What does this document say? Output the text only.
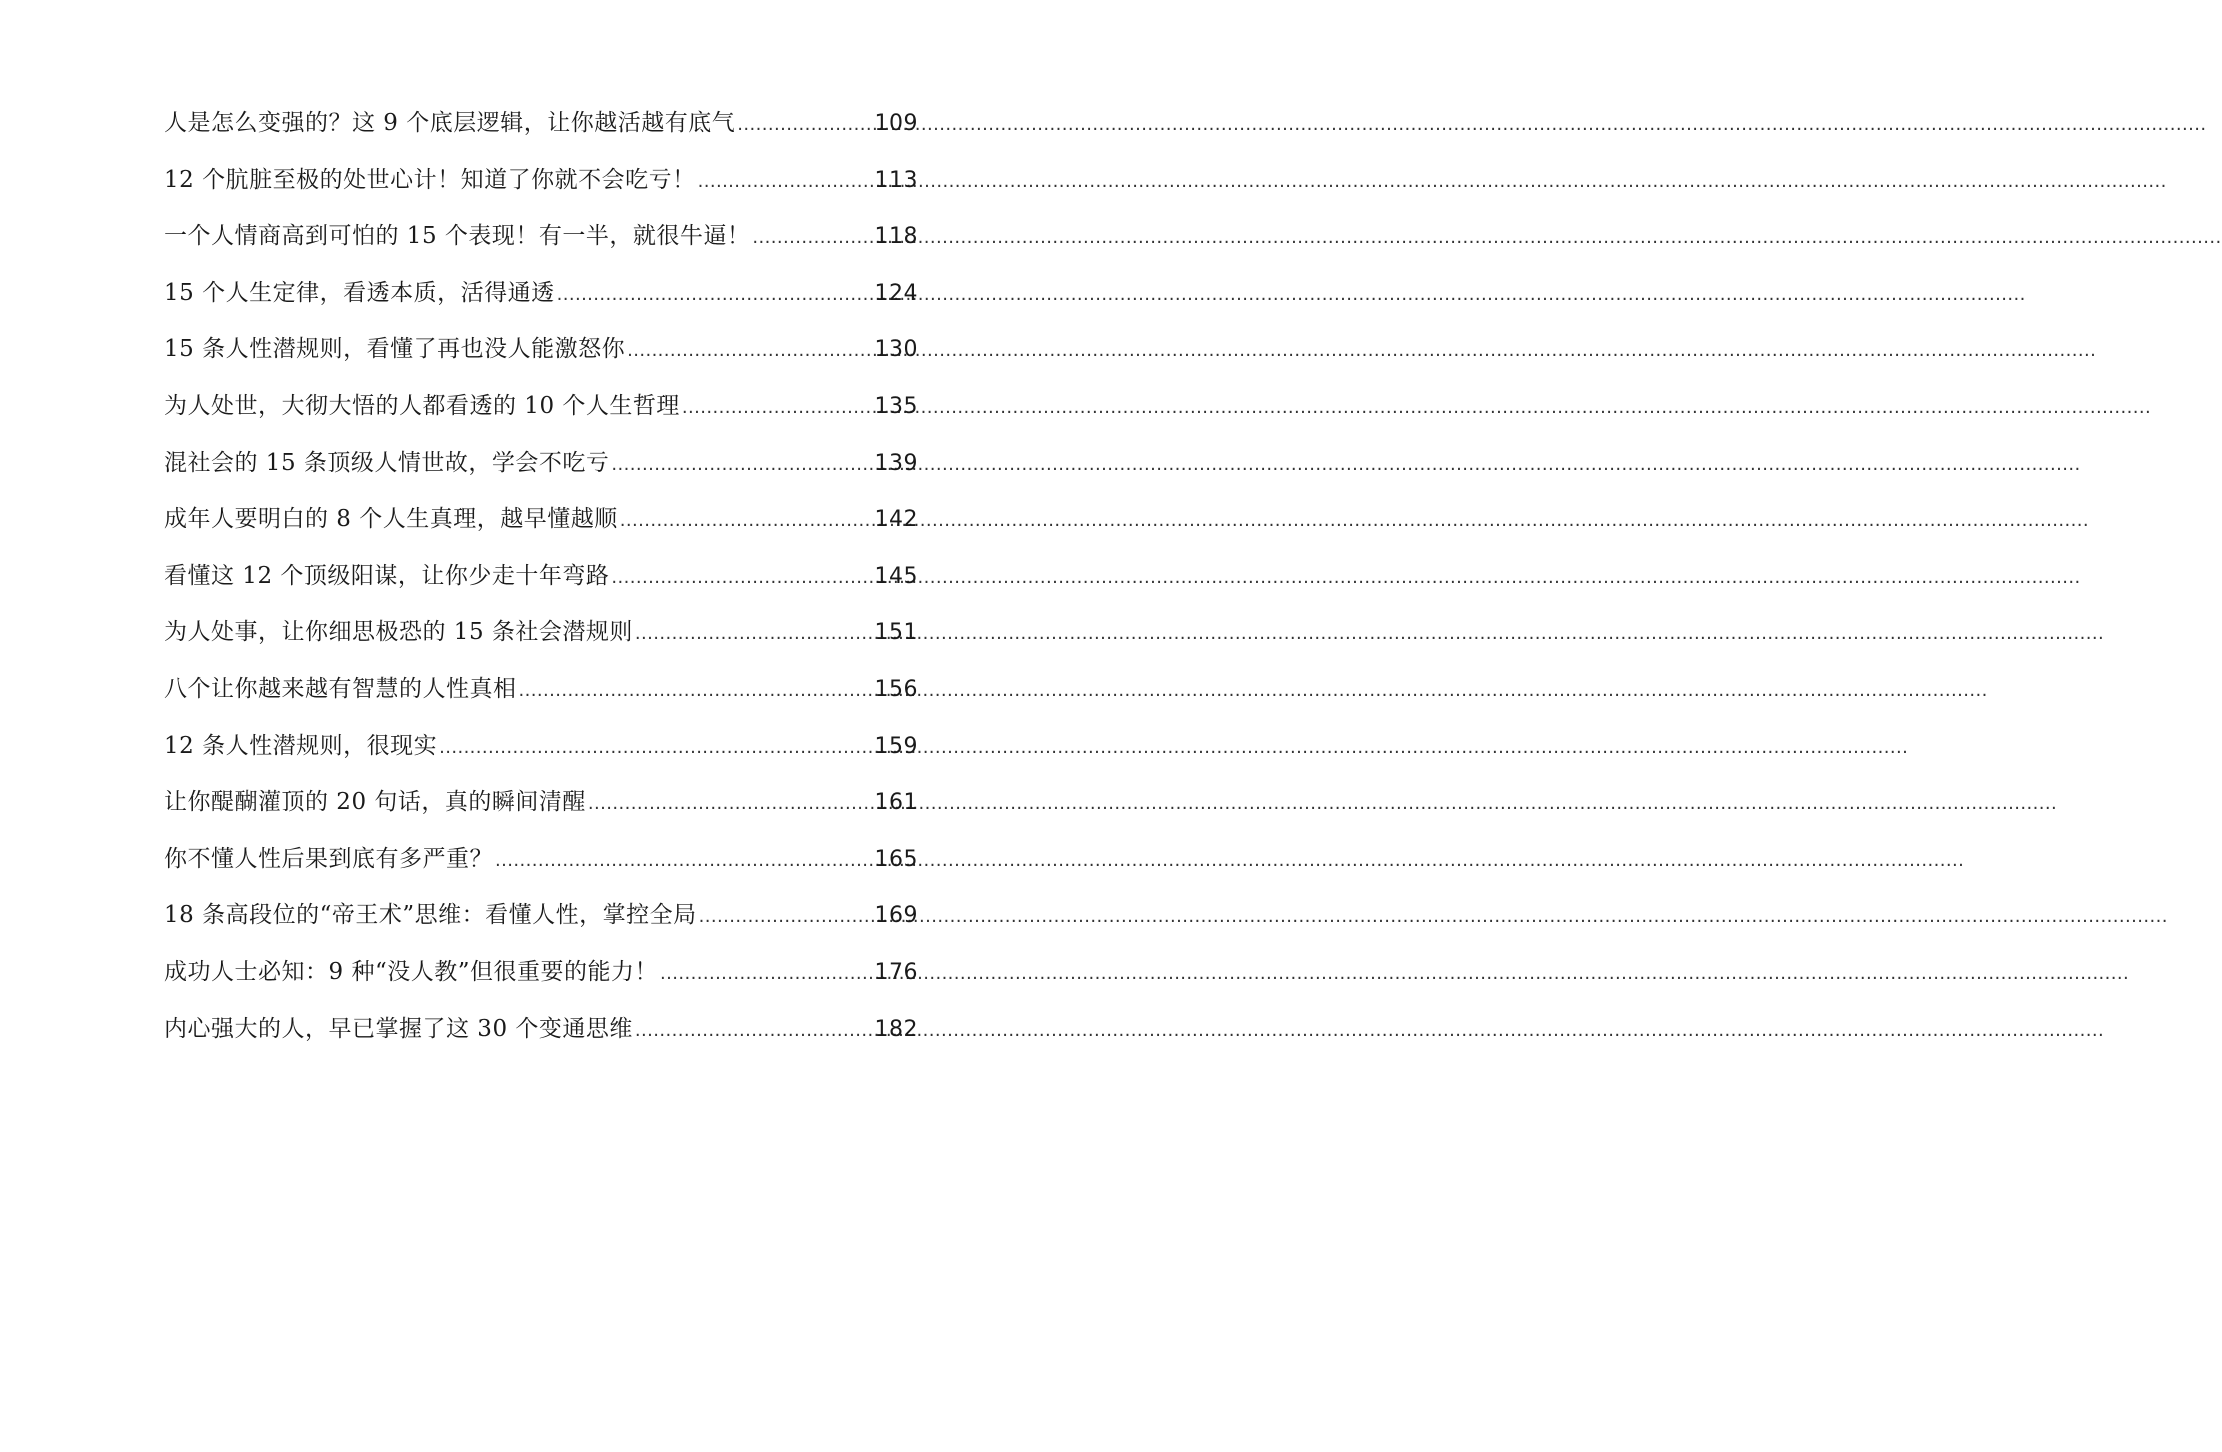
人是怎么变强的？这 9 个底层逻辑，让你越活越有底气 .....	109
12 个肮脏至极的处世心计！知道了你就不会吃亏！ .....	113
一个人情商高到可怕的 15 个表现！有一半，就很牛逼！ .....	118
15 个人生定律，看透本质，活得通透 .....	124
15 条人性潜规则，看懂了再也没人能激怒你 .....	130
为人处世，大彻大悟的人都看透的 10 个人生哲理 .....	135
混社会的 15 条顶级人情世故，学会不吃亏 .....	139
成年人要明白的 8 个人生真理，越早懂越顺 .....	142
看懂这 12 个顶级阳谋，让你少走十年弯路 .....	145
为人处事，让你细思极恐的 15 条社会潜规则 .....	151
八个让你越来越有智慧的人性真相 .....	156
12 条人性潜规则，很现实 .....	159
让你醍醐灌顶的 20 句话，真的瞬间清醒 .....	161
你不懂人性后果到底有多严重？ .....	165
18 条高段位的“帝王术”思维：看懂人性，掌控全局 .....	169
成功人士必知：9 种“没人教”但很重要的能力！ .....	176
内心强大的人，早已掌握了这 30 个变通思维 .....	182
